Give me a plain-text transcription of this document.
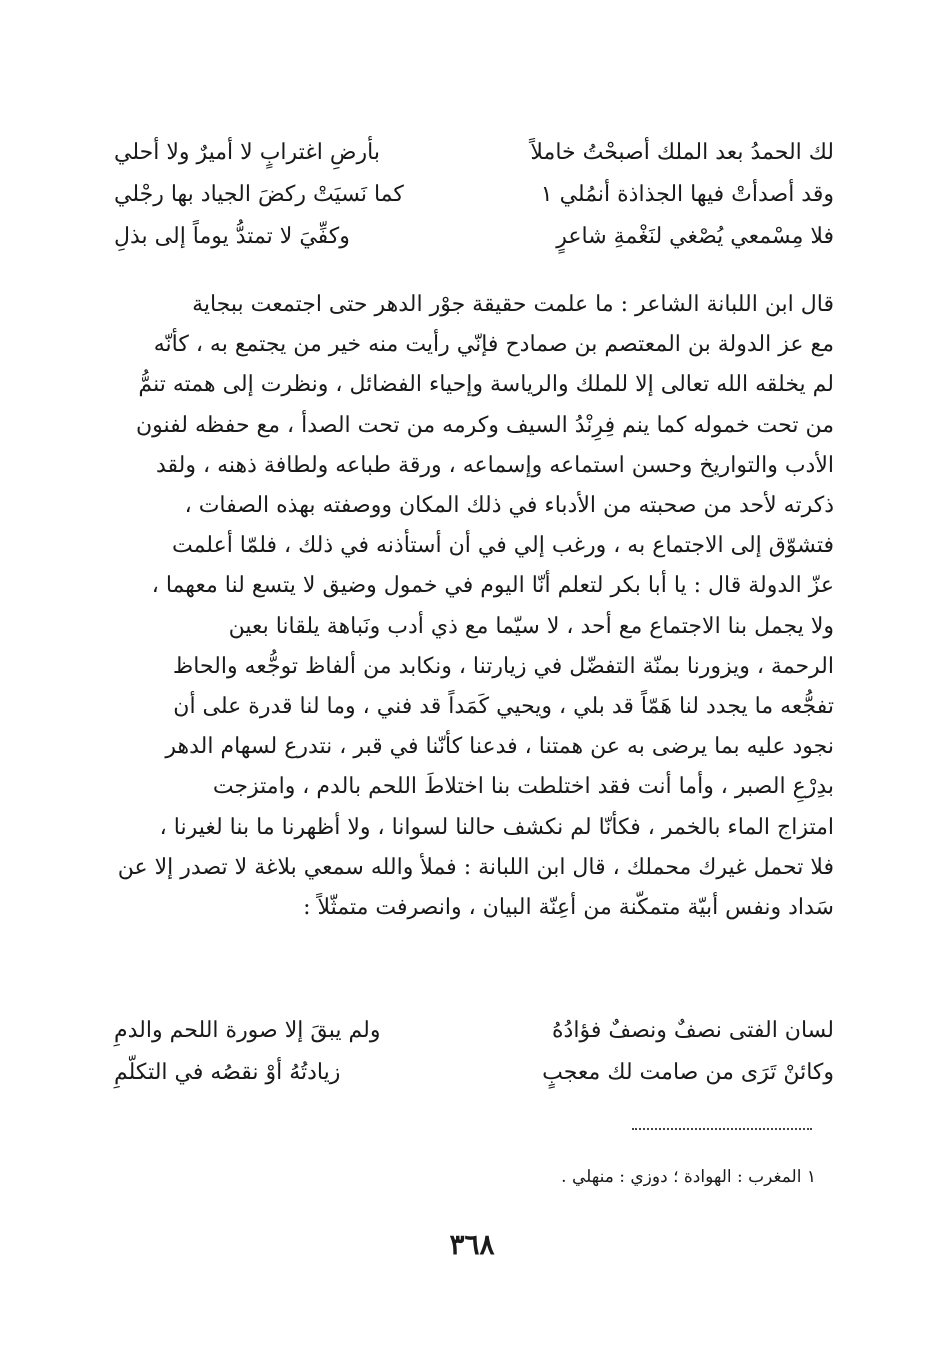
لك الحمدُ بعد الملك أصبحْتُ خاملاً
بأرضِ اغترابٍ لا أميرٌ ولا أحلي
وقد أصدأتْ فيها الجذاذة أنمُلي ١
كما نَسيَتْ ركضَ الجياد بها رجْلي
فلا مِسْمعي يُصْغي لنَغْمةِ شاعرٍ
وكفِّيَ لا تمتدُّ يوماً إلى بذلِ

قال ابن اللبانة الشاعر : ما علمت حقيقة جوْر الدهر حتى اجتمعت ببجاية

مع عز الدولة بن المعتصم بن صمادح فإنّي رأيت منه خير من يجتمع به ، كأنّه

لم يخلقه الله تعالى إلا للملك والرياسة وإحياء الفضائل ، ونظرت إلى همته تنمُّ

من تحت خموله كما ينم فِرِنْدُ السيف وكرمه من تحت الصدأ ، مع حفظه لفنون

الأدب والتواريخ وحسن استماعه وإسماعه ، ورقة طباعه ولطافة ذهنه ، ولقد

ذكرته لأحد من صحبته من الأدباء في ذلك المكان ووصفته بهذه الصفات ،

فتشوّق إلى الاجتماع به ، ورغب إلي في أن أستأذنه في ذلك ، فلمّا أعلمت

عزّ الدولة قال : يا أبا بكر لتعلم أنّا اليوم في خمول وضيق لا يتسع لنا معهما ،

ولا يجمل بنا الاجتماع مع أحد ، لا سيّما مع ذي أدب ونَباهة يلقانا بعين

الرحمة ، ويزورنا بمنّة التفضّل في زيارتنا ، ونكابد من ألفاظ توجُّعه والحاظ

تفجُّعه ما يجدد لنا هَمّاً قد بلي ، ويحيي كَمَداً قد فني ، وما لنا قدرة على أن

نجود عليه بما يرضى به عن همتنا ، فدعنا كأنّنا في قبر ، نتدرع لسهام الدهر

بدِرْعِ الصبر ، وأما أنت فقد اختلطت بنا اختلاطَ اللحم بالدم ، وامتزجت

امتزاج الماء بالخمر ، فكأنّا لم نكشف حالنا لسوانا ، ولا أظهرنا ما بنا لغيرنا ،

فلا تحمل غيرك محملك ، قال ابن اللبانة : فملأ والله سمعي بلاغة لا تصدر إلا عن

سَداد ونفس أبيّة متمكّنة من أعِنّة البيان ، وانصرفت متمثّلاً :

لسان الفتى نصفٌ ونصفٌ فؤادُهُ
ولم يبقَ إلا صورة اللحم والدمِ
وكائنْ تَرَى من صامت لك معجبٍ
زيادتُهُ أوْ نقصُه في التكلّمِ
١ المغرب : الهوادة ؛ دوزي : منهلي .
٣٦٨
